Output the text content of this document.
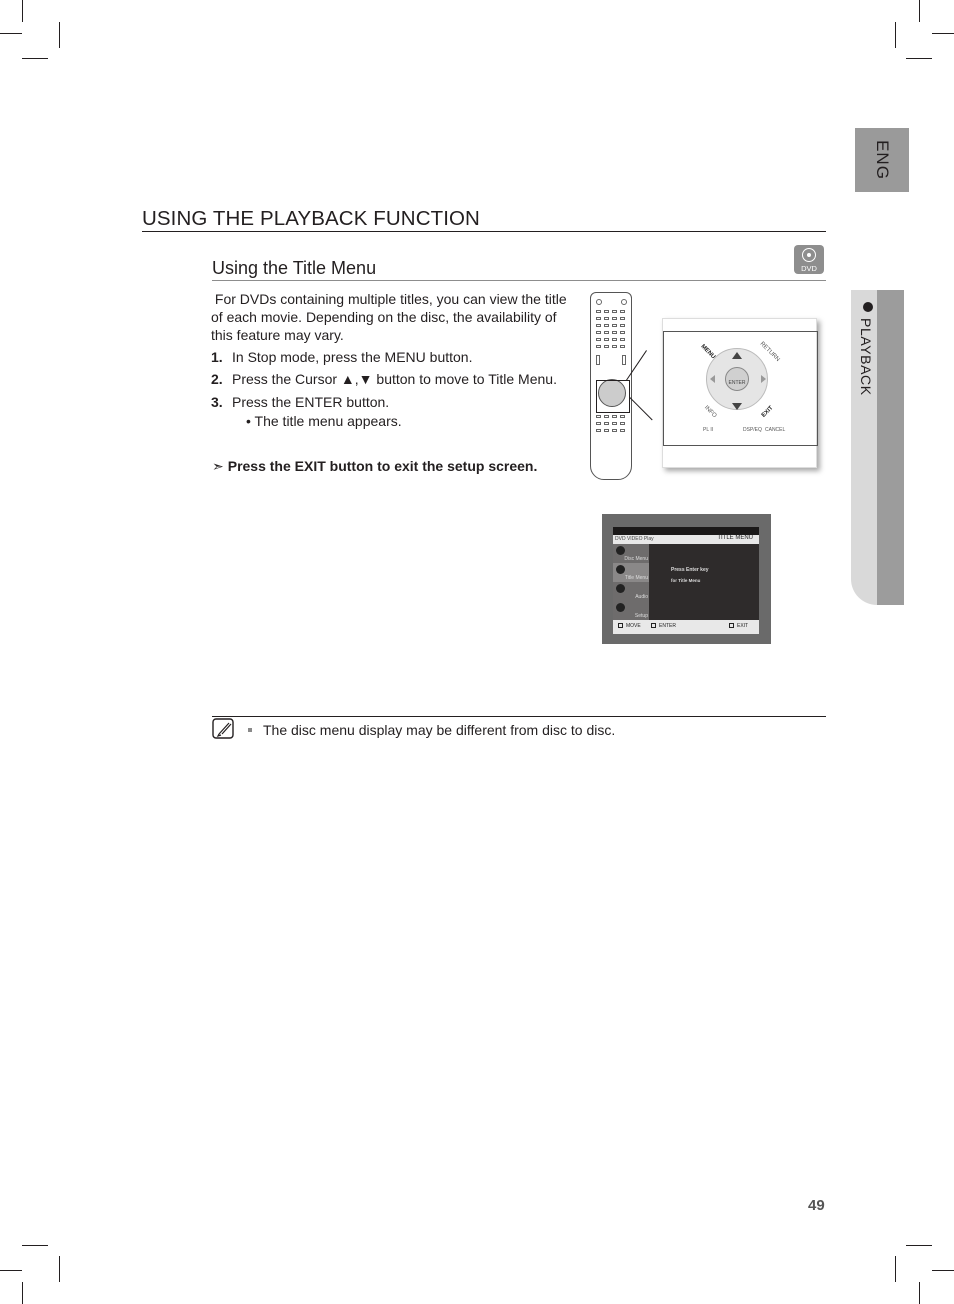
ENG
PLAYBACK
USING THE PLAYBACK FUNCTION
Using the Title Menu	DVD
For DVDs containing multiple titles, you can view the title of each movie. Depending on the disc, the availability of this feature may vary.
1. In Stop mode, press the MENU button.
2. Press the Cursor ▲,▼ button to move to Title Menu.
3. Press the ENTER button.
• The title menu appears.
➣ Press the EXIT button to exit the setup screen.
ENTER
MENU	RETURN
INFO	EXIT
PL II	DSP/EQ CANCEL
DVD VIDEO Play	TITLE MENU
Disc Menu
Title Menu
Audio
Setup
Press Enter key
for Title Menu
MOVE	ENTER	EXIT
The disc menu display may be different from disc to disc.
49
